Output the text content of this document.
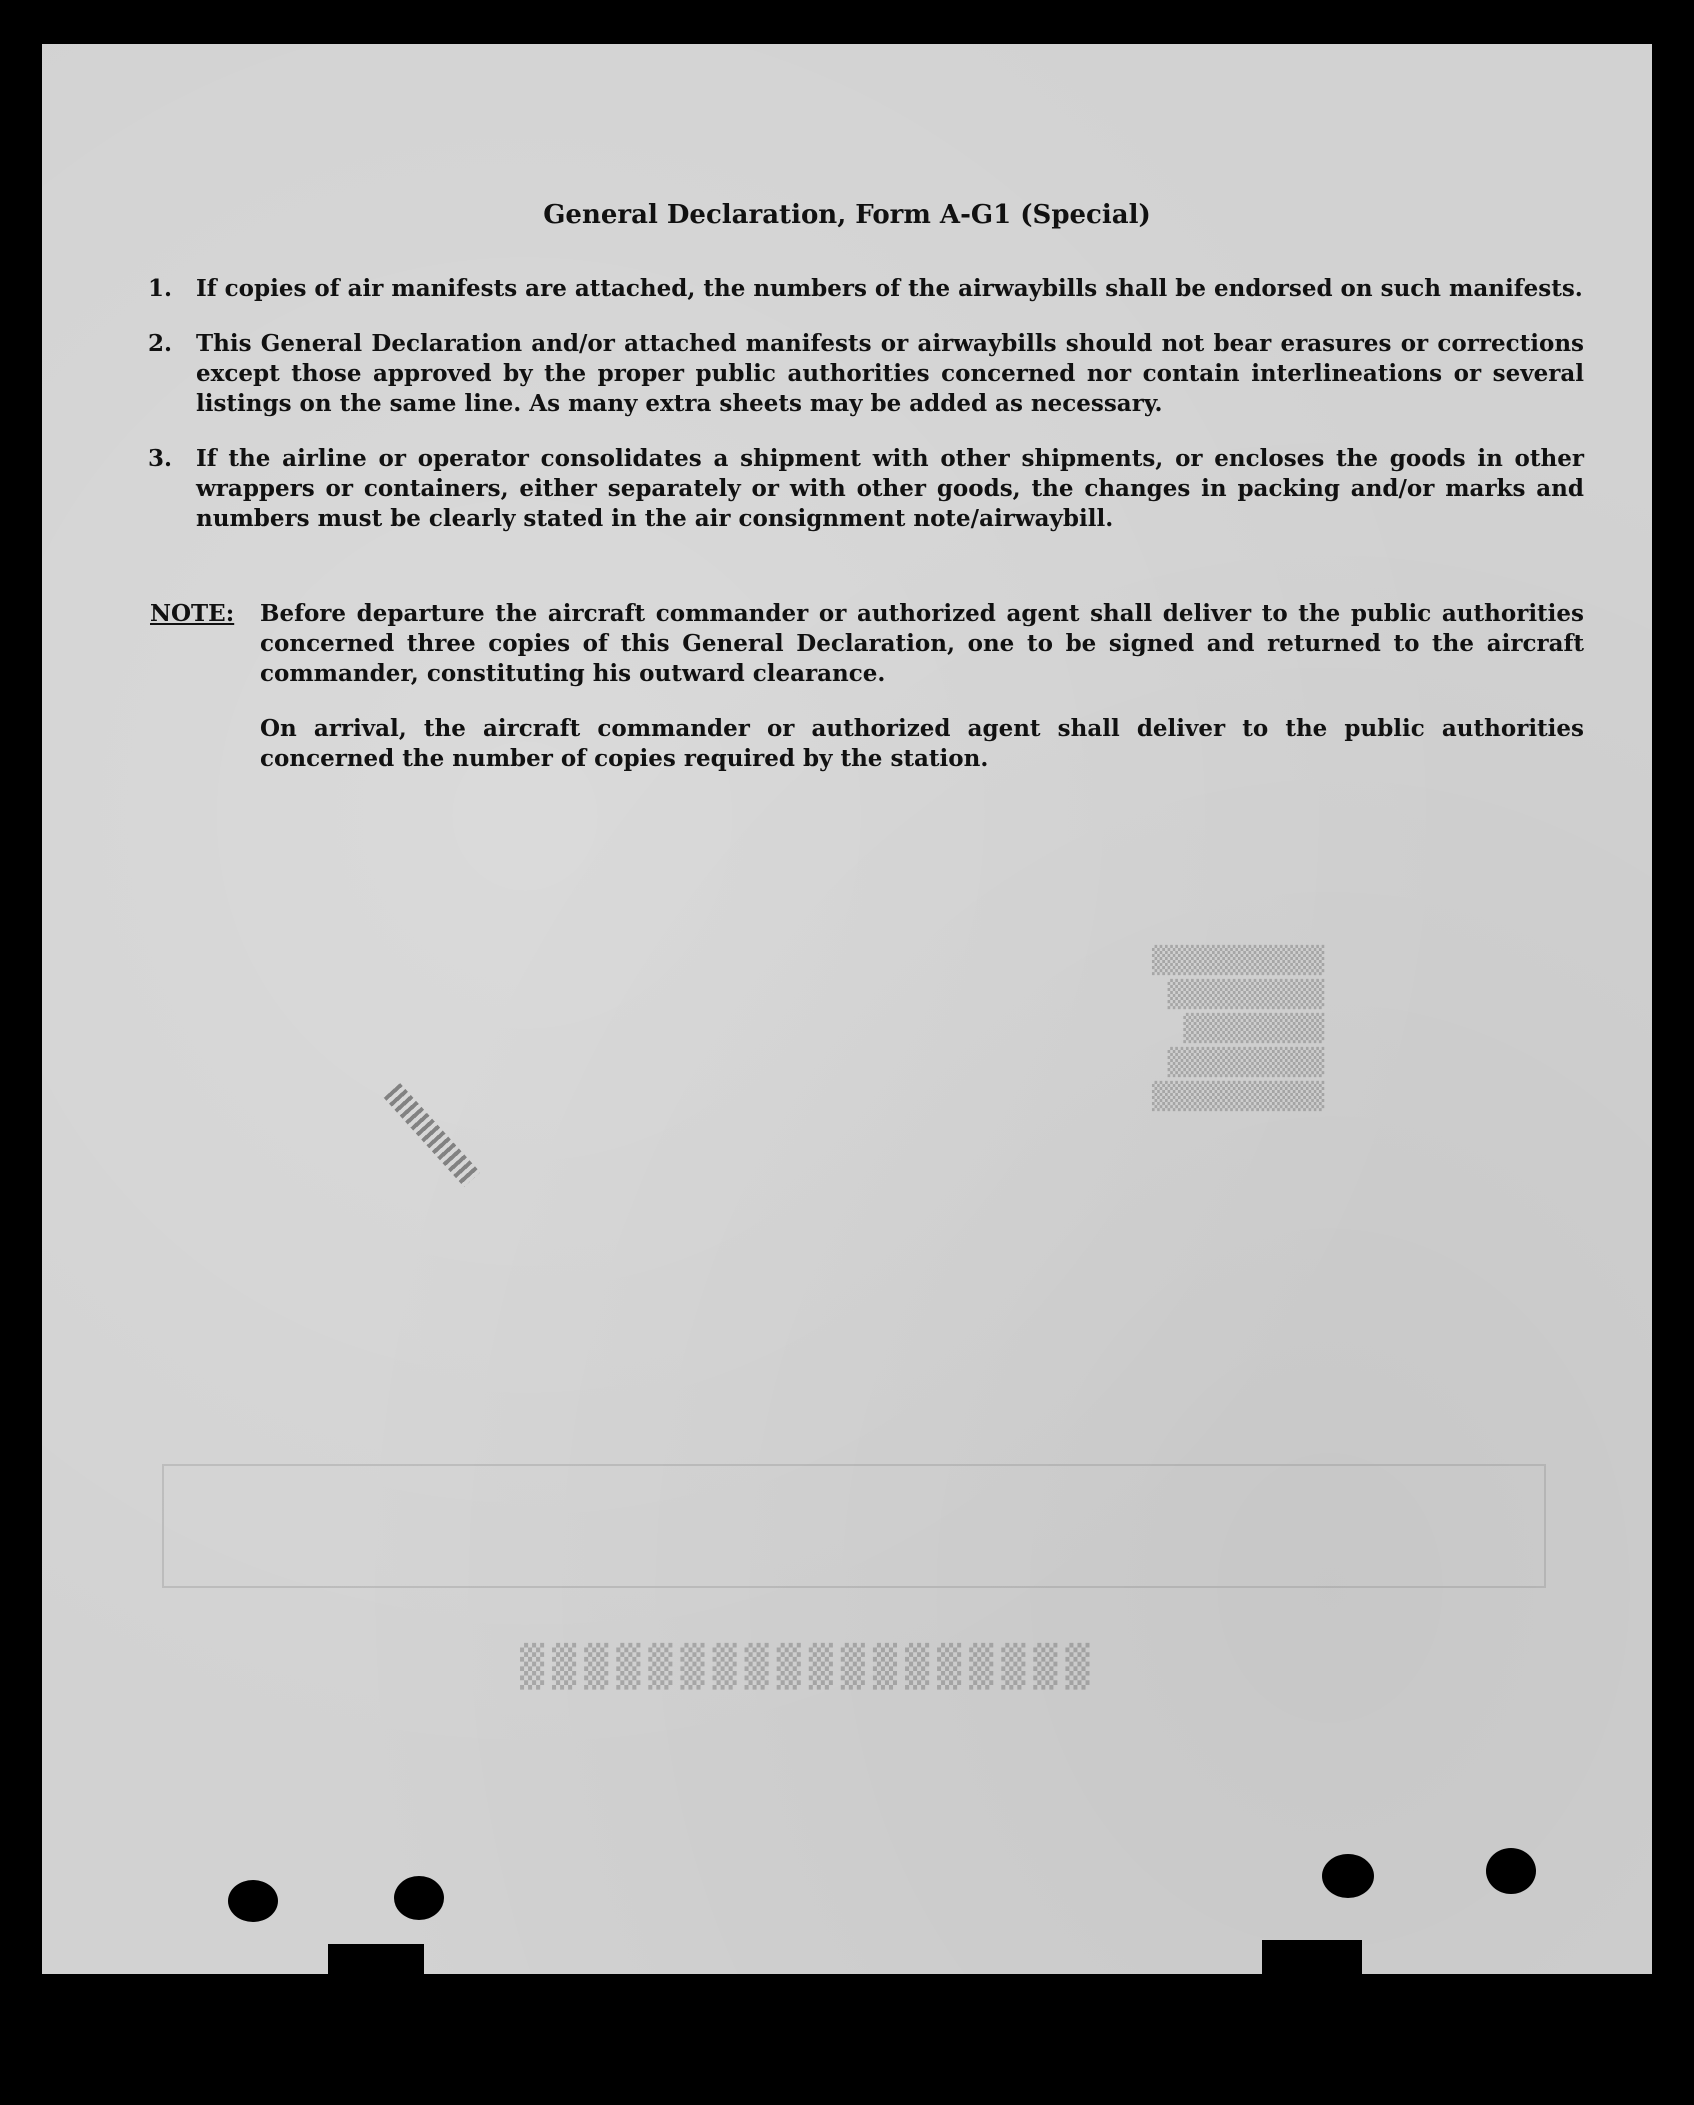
▒▒▒▒▒▒▒▒▒▒▒
▒▒▒▒▒▒▒▒▒▒
▒▒▒▒▒▒▒▒▒
▒▒▒▒▒▒▒▒▒▒
▒▒▒▒▒▒▒▒▒▒▒
▒▒▒▒▒▒▒▒▒▒▒▒▒▒▒▒▒▒
General Declaration, Form A-G1 (Special)
1.	If copies of air manifests are attached, the numbers of the airwaybills shall be endorsed on such manifests.
2.	This General Declaration and/or attached manifests or airwaybills should not bear erasures or corrections except those approved by the proper public authorities concerned nor contain interlineations or several listings on the same line. As many extra sheets may be added as necessary.
3.	If the airline or operator consolidates a shipment with other shipments, or encloses the goods in other wrappers or containers, either separately or with other goods, the changes in packing and/or marks and numbers must be clearly stated in the air consignment note/airwaybill.
NOTE: Before departure the aircraft commander or authorized agent shall deliver to the public authorities concerned three copies of this General Declaration, one to be signed and returned to the aircraft commander, constituting his outward clearance.
On arrival, the aircraft commander or authorized agent shall deliver to the public authorities concerned the number of copies required by the station.
